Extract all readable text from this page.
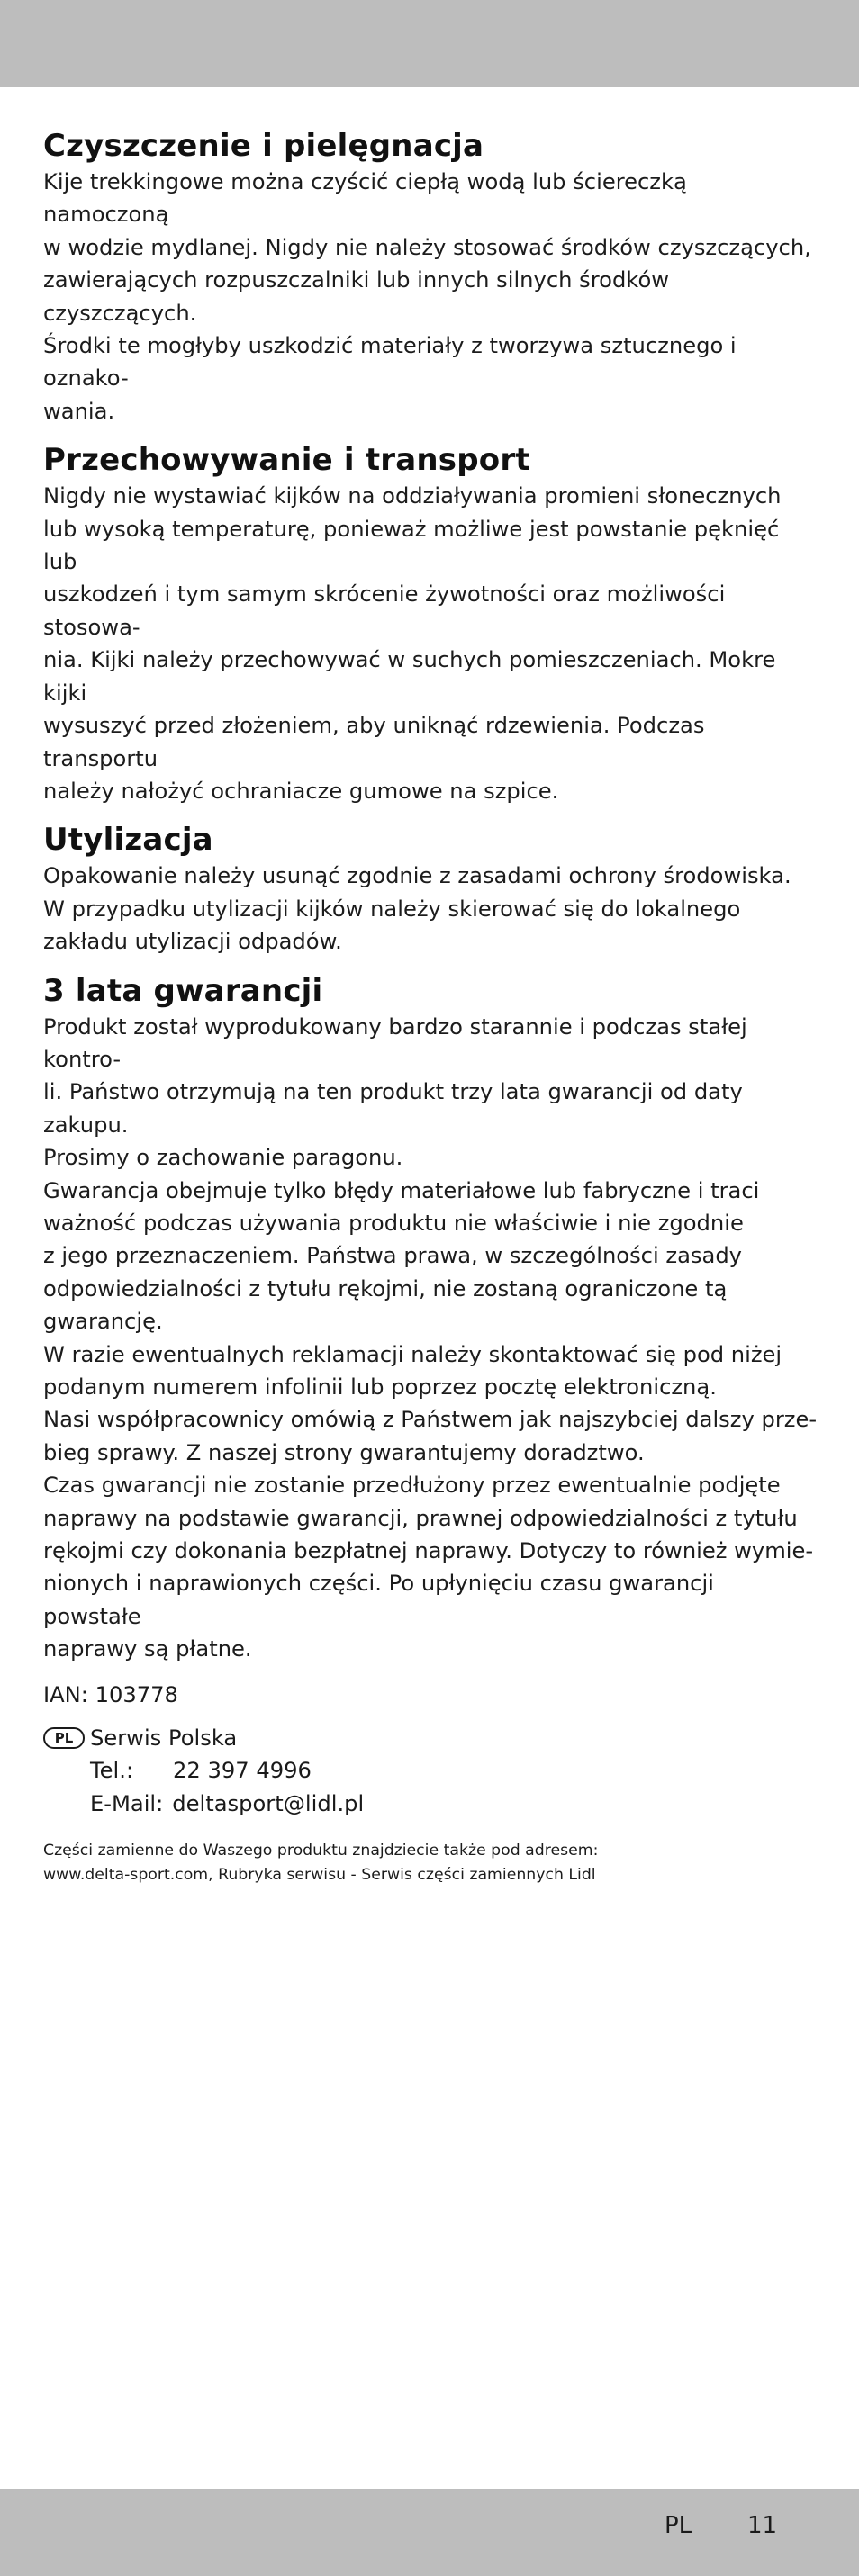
Czyszczenie i pielęgnacja

Kije trekkingowe można czyścić ciepłą wodą lub ściereczką namoczoną
w wodzie mydlanej. Nigdy nie należy stosować środków czyszczących,
zawierających rozpuszczalniki lub innych silnych środków czyszczących.
Środki te mogłyby uszkodzić materiały z tworzywa sztucznego i oznako-
wania.

Przechowywanie i transport

Nigdy nie wystawiać kijków na oddziaływania promieni słonecznych
lub wysoką temperaturę, ponieważ możliwe jest powstanie pęknięć lub
uszkodzeń i tym samym skrócenie żywotności oraz możliwości stosowa-
nia. Kijki należy przechowywać w suchych pomieszczeniach. Mokre kijki
wysuszyć przed złożeniem, aby uniknąć rdzewienia. Podczas transportu
należy nałożyć ochraniacze gumowe na szpice.

Utylizacja

Opakowanie należy usunąć zgodnie z zasadami ochrony środowiska.
W przypadku utylizacji kijków należy skierować się do lokalnego
zakładu utylizacji odpadów.

3 lata gwarancji

Produkt został wyprodukowany bardzo starannie i podczas stałej kontro-
li. Państwo otrzymują na ten produkt trzy lata gwarancji od daty zakupu.
Prosimy o zachowanie paragonu.
Gwarancja obejmuje tylko błędy materiałowe lub fabryczne i traci
ważność podczas używania produktu nie właściwie i nie zgodnie
z jego przeznaczeniem. Państwa prawa, w szczególności zasady
odpowiedzialności z tytułu rękojmi, nie zostaną ograniczone tą
gwarancję.
W razie ewentualnych reklamacji należy skontaktować się pod niżej
podanym numerem infolinii lub poprzez pocztę elektroniczną.
Nasi współpracownicy omówią z Państwem jak najszybciej dalszy prze-
bieg sprawy. Z naszej strony gwarantujemy doradztwo.
Czas gwarancji nie zostanie przedłużony przez ewentualnie podjęte
naprawy na podstawie gwarancji, prawnej odpowiedzialności z tytułu
rękojmi czy dokonania bezpłatnej naprawy. Dotyczy to również wymie-
nionych i naprawionych części. Po upłynięciu czasu gwarancji powstałe
naprawy są płatne.

IAN: 103778
PL Serwis Polska
Tel.:	22 397 4996
E-Mail: deltasport@lidl.pl
Części zamienne do Waszego produktu znajdziecie także pod adresem:
www.delta-sport.com, Rubryka serwisu - Serwis części zamiennych Lidl
PL 11
